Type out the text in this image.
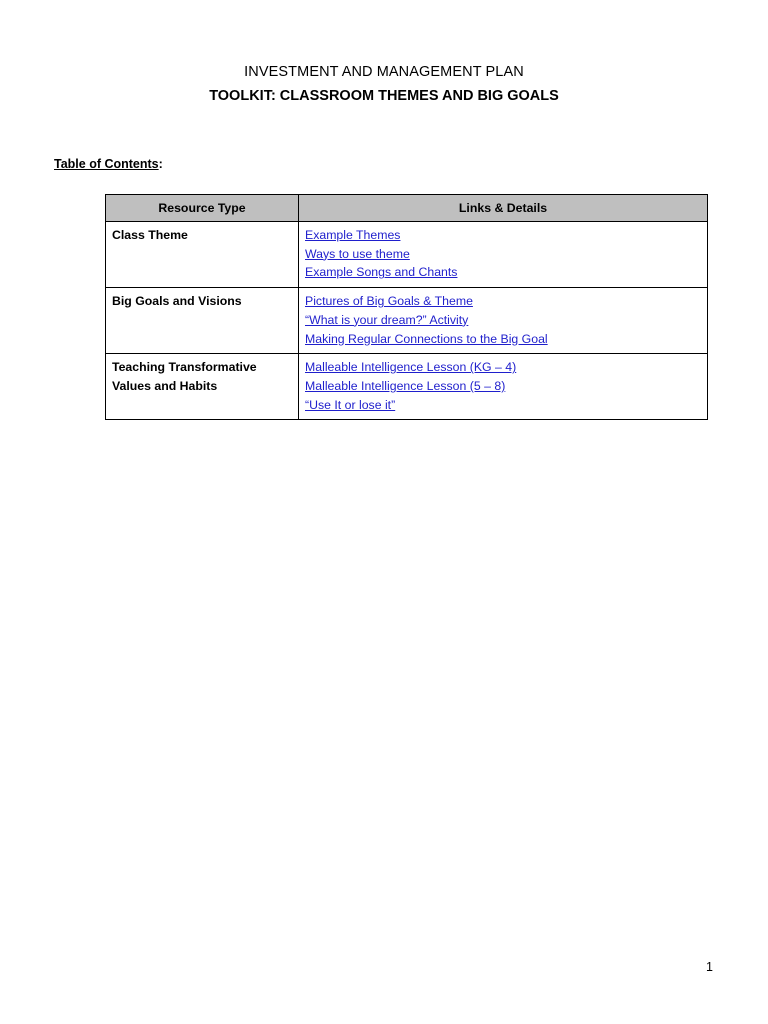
INVESTMENT AND MANAGEMENT PLAN
TOOLKIT: CLASSROOM THEMES AND BIG GOALS
Table of Contents:
Resource Type	Links & Details
Class Theme	Example Themes
Ways to use theme
Example Songs and Chants

Big Goals and Visions	Pictures of Big Goals & Theme
“What is your dream?” Activity
Making Regular Connections to the Big Goal

Teaching Transformative Values and Habits	Malleable Intelligence Lesson (KG – 4)
Malleable Intelligence Lesson (5 – 8)
“Use It or lose it”
1
